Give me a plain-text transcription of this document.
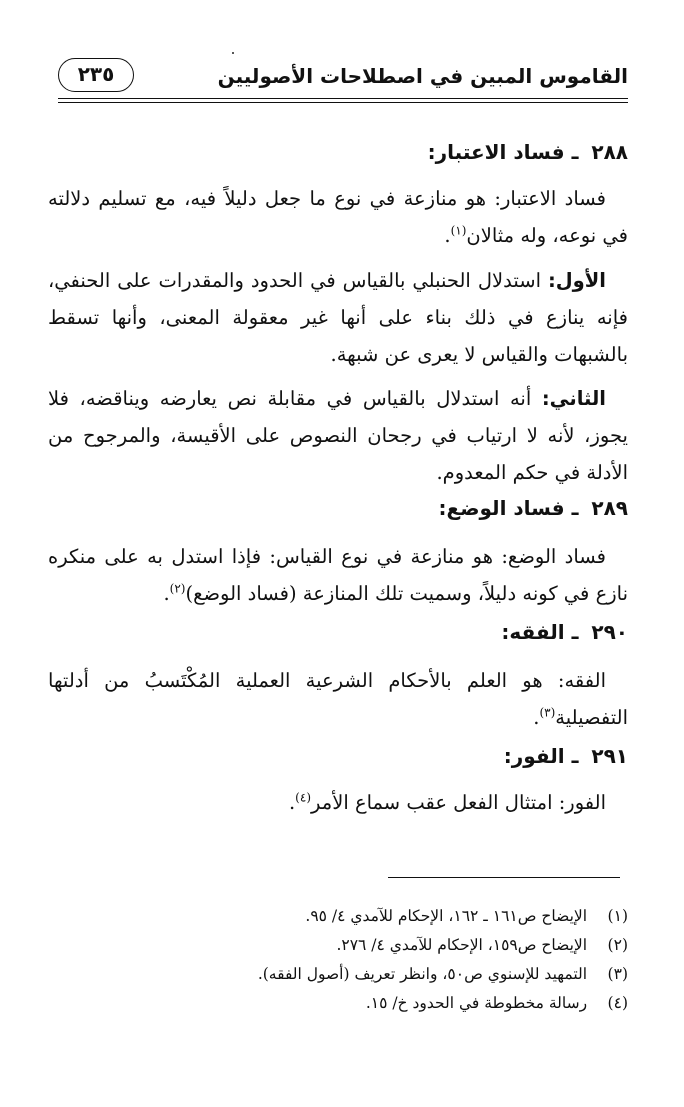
القاموس المبين في اصطلاحات الأصوليين
٢٣٥
٢٨٨ ـ فساد الاعتبار:
فساد الاعتبار: هو منازعة في نوع ما جعل دليلاً فيه، مع تسليم دلالته في نوعه، وله مثالان$^{(١)}$.
الأول: استدلال الحنبلي بالقياس في الحدود والمقدرات على الحنفي، فإنه ينازع في ذلك بناء على أنها غير معقولة المعنى، وأنها تسقط بالشبهات والقياس لا يعرى عن شبهة.
الثاني: أنه استدلال بالقياس في مقابلة نص يعارضه ويناقضه، فلا يجوز، لأنه لا ارتياب في رجحان النصوص على الأقيسة، والمرجوح من الأدلة في حكم المعدوم.
٢٨٩ ـ فساد الوضع:
فساد الوضع: هو منازعة في نوع القياس: فإذا استدل به على منكره نازع في كونه دليلاً، وسميت تلك المنازعة (فساد الوضع)$^{(٢)}$.
٢٩٠ ـ الفقه:
الفقه: هو العلم بالأحكام الشرعية العملية المُكْتَسبُ من أدلتها التفصيلية$^{(٣)}$.
٢٩١ ـ الفور:
الفور: امتثال الفعل عقب سماع الأمر$^{(٤)}$.
(١) الإيضاح ص١٦١ ـ ١٦٢، الإحكام للآمدي ٤/ ٩٥.
(٢) الإيضاح ص١٥٩، الإحكام للآمدي ٤/ ٢٧٦.
(٣) التمهيد للإسنوي ص٥٠، وانظر تعريف (أصول الفقه).
(٤) رسالة مخطوطة في الحدود خ/ ١٥.
